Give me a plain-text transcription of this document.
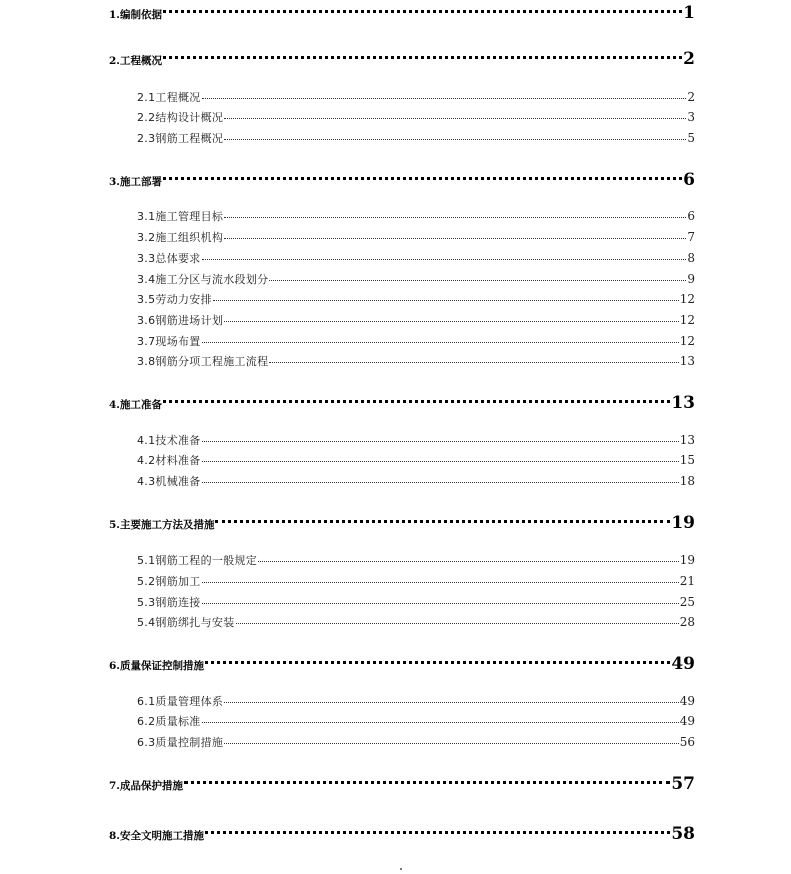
1.编制依据	1
2.工程概况	2
2.1工程概况	2
2.2结构设计概况	3
2.3钢筋工程概况	5
3.施工部署	6
3.1施工管理目标	6
3.2施工组织机构	7
3.3总体要求	8
3.4施工分区与流水段划分	9
3.5劳动力安排	12
3.6钢筋进场计划	12
3.7现场布置	12
3.8钢筋分项工程施工流程	13
4.施工准备	13
4.1技术准备	13
4.2材料准备	15
4.3机械准备	18
5.主要施工方法及措施	19
5.1钢筋工程的一般规定	19
5.2钢筋加工	21
5.3钢筋连接	25
5.4钢筋绑扎与安装	28
6.质量保证控制措施	49
6.1质量管理体系	49
6.2质量标准	49
6.3质量控制措施	56
7.成品保护措施	57
8.安全文明施工措施	58
